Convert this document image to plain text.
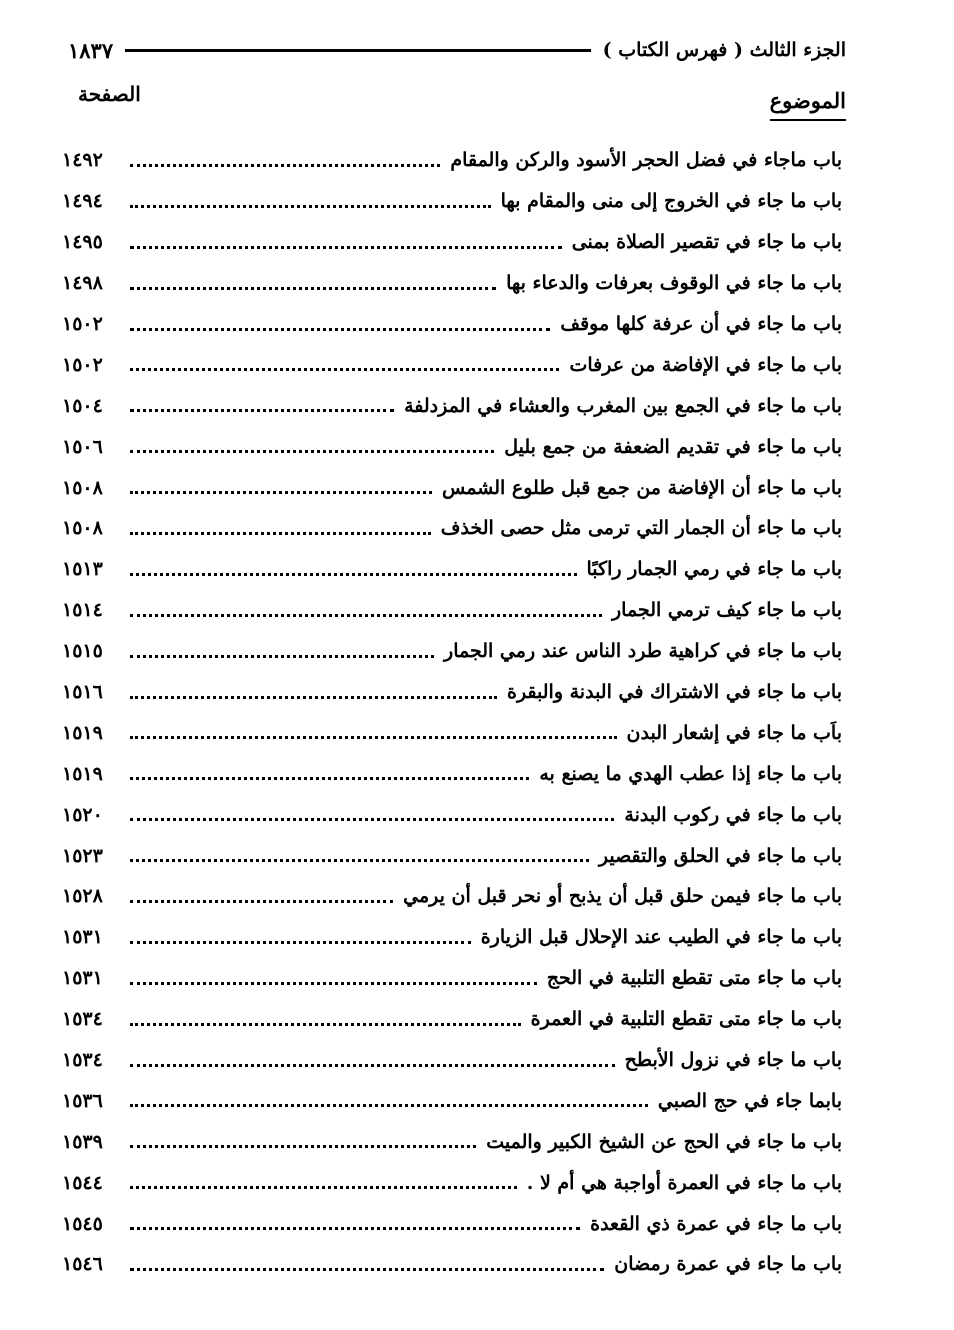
الجزء الثالث ( فهرس الكتاب )
١٨٣٧
الموضوع
الصفحة
باب ماجاء في فضل الحجر الأسود والركن والمقام
١٤٩٢
باب ما جاء في الخروج إلى منى والمقام بها
١٤٩٤
باب ما جاء في تقصير الصلاة بمنى
١٤٩٥
باب ما جاء في الوقوف بعرفات والدعاء بها
١٤٩٨
باب ما جاء في أن عرفة كلها موقف
١٥٠٢
باب ما جاء في الإفاضة من عرفات
١٥٠٢
باب ما جاء في الجمع بين المغرب والعشاء في المزدلفة
١٥٠٤
باب ما جاء في تقديم الضعفة من جمع بليل
١٥٠٦
باب ما جاء أن الإفاضة من جمع قبل طلوع الشمس
١٥٠٨
باب ما جاء أن الجمار التي ترمى مثل حصى الخذف
١٥٠٨
باب ما جاء في رمي الجمار راكبًا
١٥١٣
باب ما جاء كيف ترمي الجمار
١٥١٤
باب ما جاء في كراهية طرد الناس عند رمي الجمار
١٥١٥
باب ما جاء في الاشتراك في البدنة والبقرة
١٥١٦
باَب ما جاء في إشعار البدن
١٥١٩
باب ما جاء إذا عطب الهدي ما يصنع به
١٥١٩
باب ما جاء في ركوب البدنة
١٥٢٠
باب ما جاء في الحلق والتقصير
١٥٢٣
باب ما جاء فيمن حلق قبل أن يذبح أو نحر قبل أن يرمي
١٥٢٨
باب ما جاء في الطيب عند الإحلال قبل الزيارة
١٥٣١
باب ما جاء متى تقطع التلبية في الحج
١٥٣١
باب ما جاء متى تقطع التلبية في العمرة
١٥٣٤
باب ما جاء في نزول الأبطح
١٥٣٤
بابما جاء في حج الصبي
١٥٣٦
باب ما جاء في الحج عن الشيخ الكبير والميت
١٥٣٩
باب ما جاء في العمرة أواجبة هي أم لا .
١٥٤٤
باب ما جاء في عمرة ذي القعدة
١٥٤٥
باب ما جاء في عمرة رمضان
١٥٤٦
